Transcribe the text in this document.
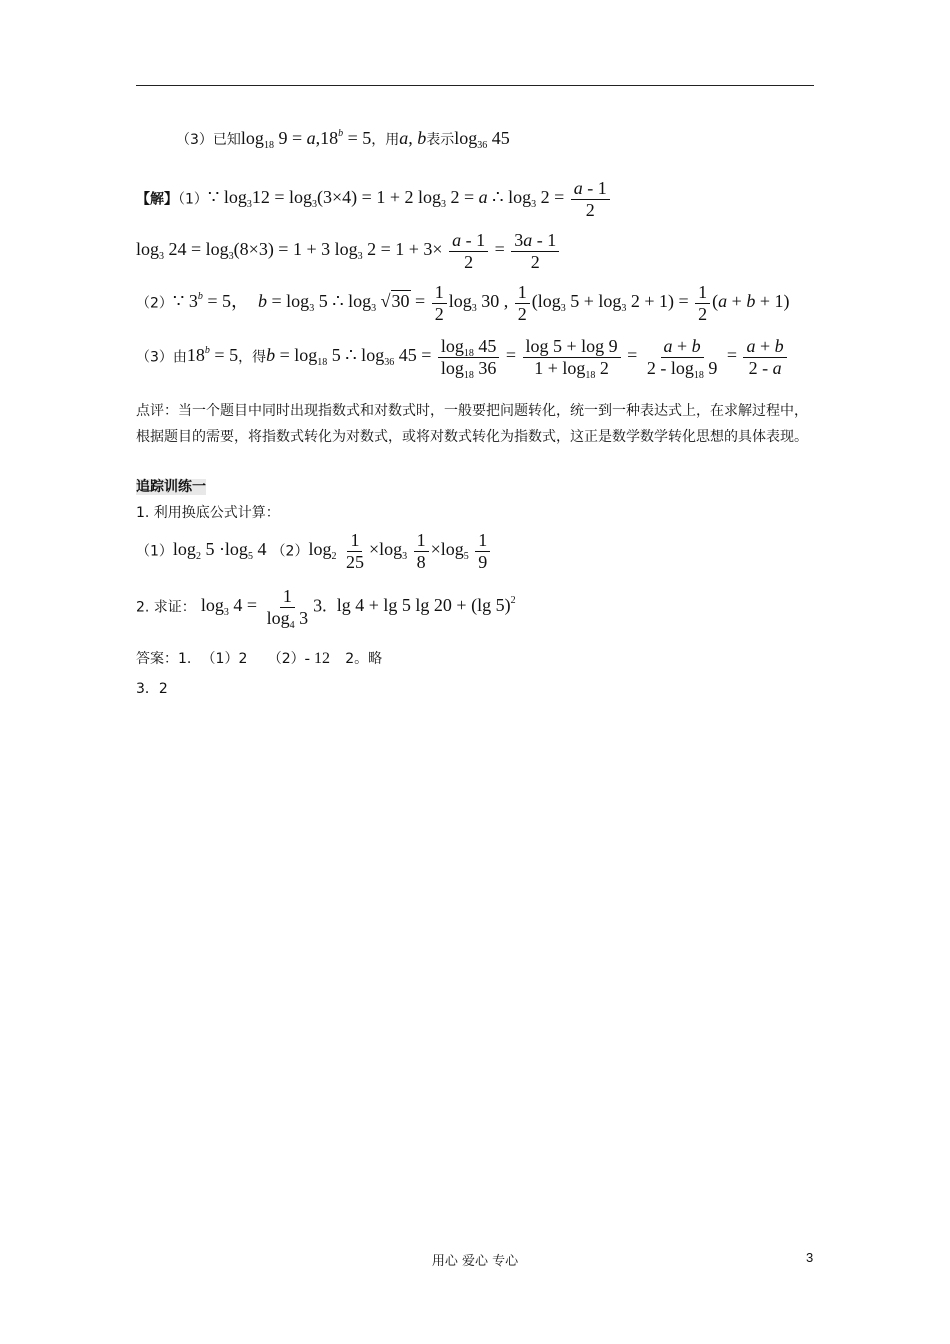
（3）已知$\log_{18} 9 = a,18^b = 5$，用a, b表示$\log_{36} 45$
【解】（1）∵ $\log_312 = \log_3(3\times 4) = 1 + 2$ $\log_3 2 = a$ ∴ $\log_3 2 = \frac{a - 1}{2}$
$\log_3 24 = \log_3(8\times 3) = 1 + 3$ $\log_3 2 = 1 + 3\times \frac{a - 1}{2} = \frac{3a - 1}{2}$
（2）∵ $3^b = 5$，  $b = \log_3 5$ ∴ $\log_3 √30 = \frac{1}{2} \log_3 30$ , $\frac{1}{2} (\log_3$ $5 + \log_3 2 + 1) = \frac{1}{2} (a + b + 1)$
（3）由$18^b = 5$，得$b = \log_{18} 5$ ∴ $\log_{36} 45 = \frac{\log_{18} 45}{\log_{18} 36} = \frac{\log 5 + \log 9}{1 + \log_{18} 2} = \frac{a + b}{2 - \log_{18} 9} = \frac{a + b}{2 - a}$

点评：当一个题目中同时出现指数式和对数式时，一般要把问题转化，统一到一种表达式上，在求解过程中，根据题目的需要，将指数式转化为对数式，或将对数式转化为指数式，这正是数学数学转化思想的具体表现。

追踪训练一
1. 利用换底公式计算：
$(1)\log_2$ $5 \cdot\log_5$ 4 $(2)\log_2 \frac{1}{25} \times\log_3 \frac{1}{8} \times\log_5 \frac{1}{9}$
2. 求证： $\log_3 4 = \frac{1}{\log_4 3} 3$. lg 4 + lg 5 lg 20 + (lg 5)$^2$
答案：1. （1）2 （2）- 12 2。略
3．2
用心 爱心 专心	3
